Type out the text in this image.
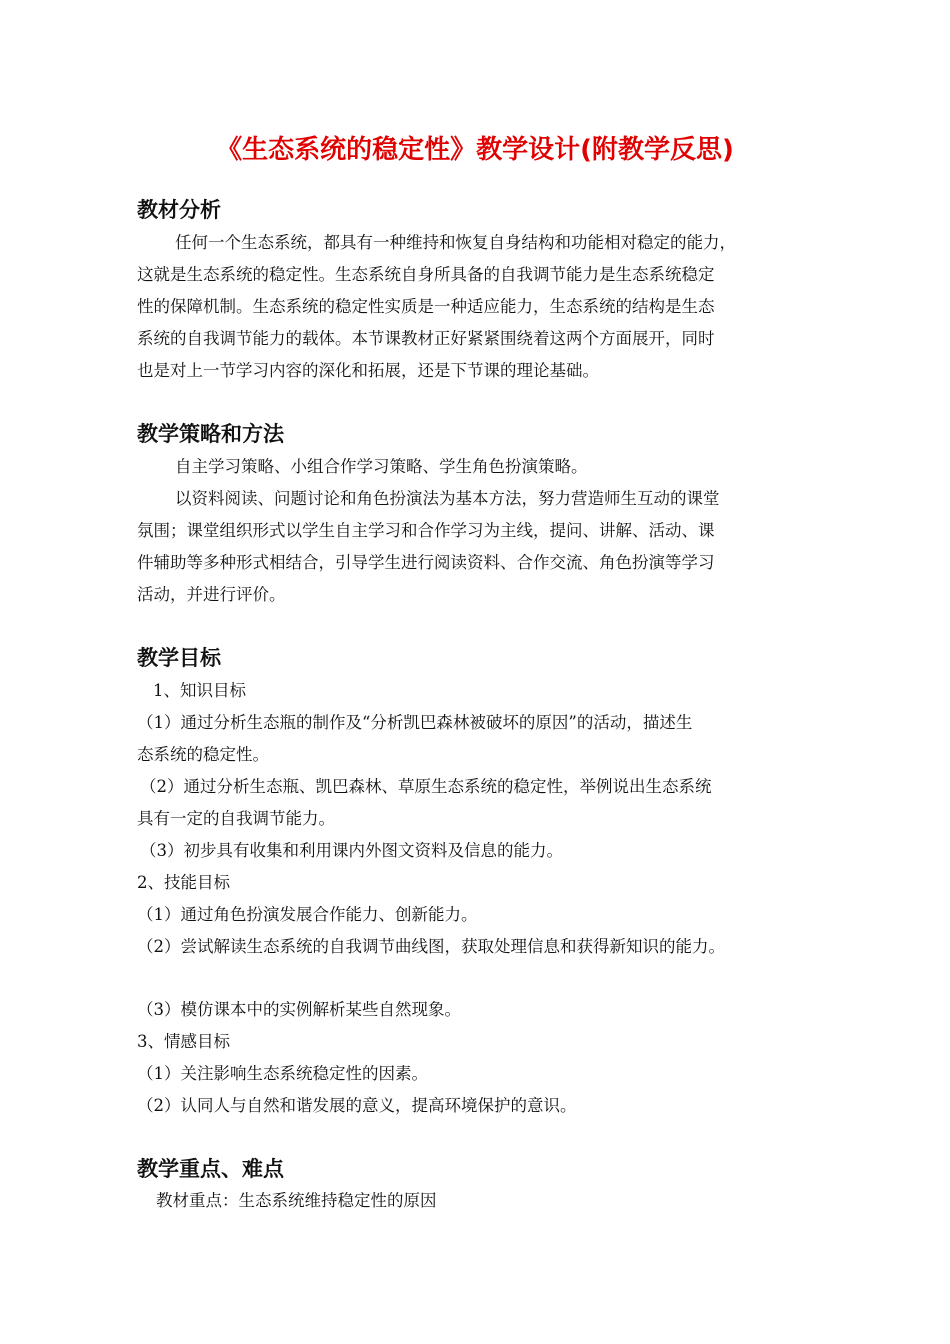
《生态系统的稳定性》教学设计(附教学反思)
教材分析
任何一个生态系统，都具有一种维持和恢复自身结构和功能相对稳定的能力，
这就是生态系统的稳定性。生态系统自身所具备的自我调节能力是生态系统稳定
性的保障机制。生态系统的稳定性实质是一种适应能力，生态系统的结构是生态
系统的自我调节能力的载体。本节课教材正好紧紧围绕着这两个方面展开，同时
也是对上一节学习内容的深化和拓展，还是下节课的理论基础。
教学策略和方法
自主学习策略、小组合作学习策略、学生角色扮演策略。
以资料阅读、问题讨论和角色扮演法为基本方法，努力营造师生互动的课堂
氛围；课堂组织形式以学生自主学习和合作学习为主线，提问、讲解、活动、课
件辅助等多种形式相结合，引导学生进行阅读资料、合作交流、角色扮演等学习
活动，并进行评价。
教学目标
1、知识目标
（1）通过分析生态瓶的制作及“分析凯巴森林被破坏的原因”的活动，描述生
态系统的稳定性。
（2）通过分析生态瓶、凯巴森林、草原生态系统的稳定性，举例说出生态系统
具有一定的自我调节能力。
（3）初步具有收集和利用课内外图文资料及信息的能力。
2、技能目标
（1）通过角色扮演发展合作能力、创新能力。
（2）尝试解读生态系统的自我调节曲线图，获取处理信息和获得新知识的能力。
（3）模仿课本中的实例解析某些自然现象。
3、情感目标
（1）关注影响生态系统稳定性的因素。
（2）认同人与自然和谐发展的意义，提高环境保护的意识。
教学重点、难点
教材重点：生态系统维持稳定性的原因
